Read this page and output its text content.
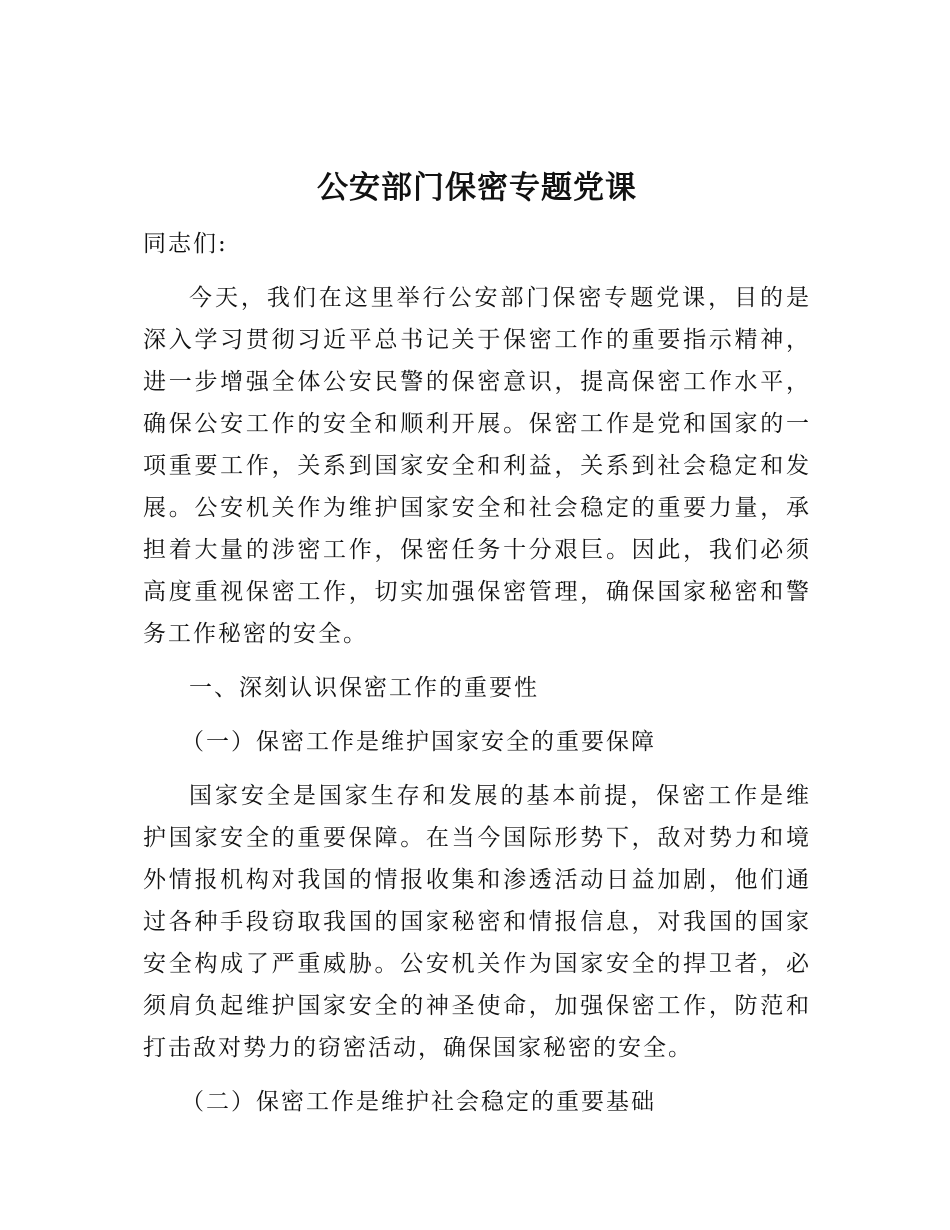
公安部门保密专题党课
同志们:

今天，我们在这里举行公安部门保密专题党课，目的是深入学习贯彻习近平总书记关于保密工作的重要指示精神，进一步增强全体公安民警的保密意识，提高保密工作水平，确保公安工作的安全和顺利开展。保密工作是党和国家的一项重要工作，关系到国家安全和利益，关系到社会稳定和发展。公安机关作为维护国家安全和社会稳定的重要力量，承担着大量的涉密工作，保密任务十分艰巨。因此，我们必须高度重视保密工作，切实加强保密管理，确保国家秘密和警务工作秘密的安全。

一、深刻认识保密工作的重要性
（一）保密工作是维护国家安全的重要保障

国家安全是国家生存和发展的基本前提，保密工作是维护国家安全的重要保障。在当今国际形势下，敌对势力和境外情报机构对我国的情报收集和渗透活动日益加剧，他们通过各种手段窃取我国的国家秘密和情报信息，对我国的国家安全构成了严重威胁。公安机关作为国家安全的捍卫者，必须肩负起维护国家安全的神圣使命，加强保密工作，防范和打击敌对势力的窃密活动，确保国家秘密的安全。

（二）保密工作是维护社会稳定的重要基础
